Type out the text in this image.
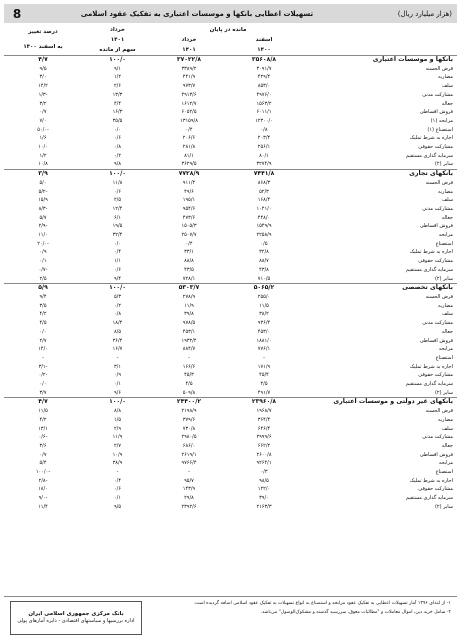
8	تسهیلات اعطایی بانکها و موسسات اعتباری به تفکیک عقود اسلامی	(هزار میلیارد ریال)
درصد تغییر
به اسفند ۱۴۰۰	خرداد	مانده در پایان		
	۱۴۰۱	خرداد	اسفند	
	سهم از مانده	۱۴۰۱	۱۴۰۰	
۴/۷	۱۰۰/۰	۳۷۰۲۲/۸	۳۵۶۰۸/۸	بانکها و موسسات اعتباری
۹/۵	۹/۱	۳۳۸۹/۲	۳۰۹۱/۷	قرض الحسنه
۳/۰	۱/۲	۴۴۱/۹	۴۲۹/۴	مضاربه
۱۴/۲	۲/۶	۹۷۳/۷	۸۵۳/۰	سلف
-۱/۳	۱۳/۳	۴۹۱۳/۶	۴۹۷۶/۰	مشارکت مدنی
۳/۲	۴/۴	۱۶۱۲/۷	۱۵۶۳/۲	جعاله
۰/۷	۱۶/۳	۶۰۵۲/۵	۶۰۱۱/۱	فروش اقساطی
۷/۰	۳۵/۵	۱۳۱۵۹/۸	۱۲۳۰۰/۰	مرابحه (۱)
-۵۰/۰	۰/۰	۰/۴	۰/۸	استصناع (۱)
۱/۶	۰/۶	۲۰۶/۶	۲۰۳/۴	اجاره به شرط تملیک
۱۰/۰	۰/۸	۲۸۱/۸	۲۵۶/۱	مشارکت حقوقی
۱/۲	۰/۲	۸۱/۱	۸۰/۱	سرمایه گذاری مستقیم
۱۰/۸	۹/۸	۳۶۲۹/۵	۳۲۷۴/۹	سایر (۲)
۳/۹	۱۰۰/۰	۷۷۲۸/۹	۷۴۴۱/۸	بانکهای تجاری
۵/۰	۱۱/۸	۹۱۱/۴	۸۶۸/۳	قرض الحسنه
-۵/۲	۰/۶	۴۹/۶	۵۲/۳	مضاربه
۱۵/۹	۲/۵	۱۹۵/۱	۱۶۸/۴	سلف
-۸/۳	۱۲/۴	۹۵۴/۶	۱۰۴۱/۰	مشارکت مدنی
۵/۷	۶/۱	۴۷۳/۶	۴۴۸/۰	جعاله
-۲/۹	۱۹/۵	۱۵۰۵/۳	۱۵۴۹/۹	فروش اقساطی
۱۱/۰	۳۲/۴	۲۵۰۷/۷	۲۲۵۸/۹	مرابحه
-۲۰/۰	۰/۰	۰/۴	۰/۵	استصناع
۰/۹	۰/۴	۳۳/۱	۳۲/۸	اجاره به شرط تملیک
۰/۱	۱/۱	۸۸/۸	۸۸/۷	مشارکت حقوقی
-۰/۷	۰/۶	۴۳/۵	۴۳/۸	سرمایه گذاری مستقیم
۲/۵	۹/۴	۷۲۸/۱	۷۱۰/۵	سایر (۲)
۵/۹	۱۰۰/۰	۵۳۰۳/۷	۵۰۶۵/۲	بانکهای تخصصی
۹/۴	۵/۳	۲۷۸/۹	۲۵۵/۰	قرض الحسنه
۳/۵	۰/۲	۱۱/۹	۱۱/۵	مضاربه
۴/۲	۰/۸	۳۹/۸	۳۸/۲	سلف
۴/۵	۱۸/۴	۹۷۸/۵	۹۳۶/۴	مشارکت مدنی
۰/۰	۸/۵	۴۵۳/۱	۴۵۳/۰	جعاله
۲/۷	۳۶/۴	۱۹۳۲/۴	۱۸۸۱/۰	فروش اقساطی
۱۴/۰	۱۶/۷	۸۸۴/۷	۷۷۶/۱	مرابحه
-	-	-	-	استصناع
-۳/۱	۳/۱	۱۶۶/۶	۱۷۱/۹	اجاره به شرط تملیک
-۰/۲	۰/۹	۴۵/۳	۴۵/۴	مشارکت حقوقی
۰/۰	۰/۱	۴/۵	۴/۵	سرمایه گذاری مستقیم
۳/۷	۹/۶	۵۰۹/۸	۴۹۱/۷	سایر (۲)
۴/۷	۱۰۰/۰	۲۴۴۰۰/۲	۲۳۹۶۰/۸	بانکهای غیر دولتی و موسسات اعتباری
۱۱/۵	۸/۸	۲۱۹۸/۹	۱۹۶۸/۷	قرض الحسنه
۴/۲	۱/۵	۳۷۹/۶	۳۶۴/۴	مضاربه
۱۳/۱	۲/۹	۷۳۰/۸	۶۴۶/۴	سلف
-۰/۶	۱۱/۹	۲۹۸۰/۵	۲۹۹۹/۶	مشارکت مدنی
۳/۶	۲/۷	۶۸۶/۰	۶۶۲/۲	جعاله
۰/۷	۱۰/۹	۲۶۱۹/۱	۲۶۰۰/۸	فروش اقساطی
۵/۴	۳۸/۹	۹۷۶۶/۴	۹۲۶۴/۱	مرابحه
-۱۰۰/۰	-	-	۰/۳	استصناع
-۲/۸	۰/۴	۹۵/۷	۹۸/۵	اجاره به شرط تملیک
۱۸/۰	۰/۶	۱۴۳/۹	۱۲۲/۰	مشارکت حقوقی
-۹/۰	۰/۱	۲۹/۸	۳۹/۰	سرمایه گذاری مستقیم
۱۱/۴	۹/۵	۲۳۹۲/۶	۲۱۶۳/۳	سایر (۲)
بانک مرکزی جمهوری اسلامی ایران
اداره بررسیها و سیاستهای اقتصادی - دایره آمارهای پولی
۱- از ابتدای ۱۳۹۶ آمار تسهیلات اعطایی به تفکیک عقود مرابحه و استصناع به انواع تسهیلات به تفکیک عقود اسلامی اضافه گردیده است.
۲- شامل خرید دین، اموال معاملات و "مطالبات معوق، سررسید گذشته و مشکوک‌الوصول" می‌باشد.
